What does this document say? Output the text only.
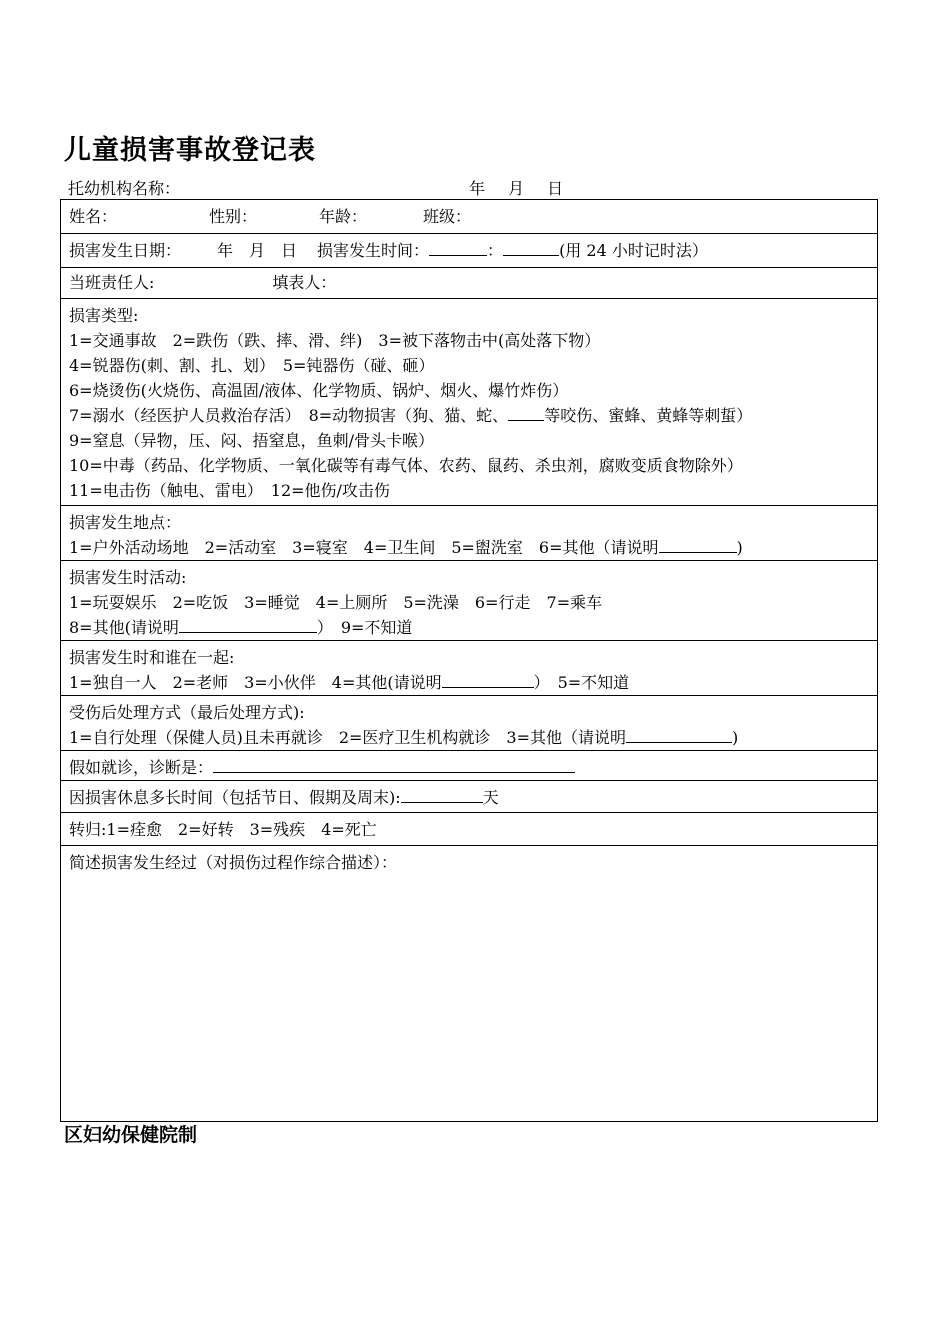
儿童损害事故登记表
托幼机构名称：	年 月 日
姓名：	性别：	年龄：	班级：
损害发生日期： 年　月　日 损害发生时间：	：	(用 24 小时记时法）
当班责任人:	填表人：
损害类型:
1=交通事故　2=跌伤（跌、摔、滑、绊)　3=被下落物击中(高处落下物）
4=锐器伤(刺、割、扎、划）　5=钝器伤（碰、砸）
6=烧烫伤(火烧伤、高温固/液体、化学物质、锅炉、烟火、爆竹炸伤）
7=溺水（经医护人员救治存活）　8=动物损害（狗、猫、蛇、 等咬伤、蜜蜂、黄蜂等刺蜇）
9=窒息（异物，压、闷、捂窒息，鱼刺/骨头卡喉）
10=中毒（药品、化学物质、一氧化碳等有毒气体、农药、鼠药、杀虫剂，腐败变质食物除外）
11=电击伤（触电、雷电）　12=他伤/攻击伤
损害发生地点：
1=户外活动场地　2=活动室　3=寝室　4=卫生间　5=盥洗室　6=其他（请说明	)
损害发生时活动:
1=玩耍娱乐　2=吃饭　3=睡觉　4=上厕所　5=洗澡　6=行走　7=乘车
8=其他(请说明	）　9=不知道
损害发生时和谁在一起:
1=独自一人　2=老师　3=小伙伴　4=其他(请说明	）　5=不知道
受伤后处理方式（最后处理方式):
1=自行处理（保健人员)且未再就诊　2=医疗卫生机构就诊　3=其他（请说明	)
假如就诊，诊断是：
因损害休息多长时间（包括节日、假期及周末):	天
转归:1=痊愈　2=好转　3=残疾　4=死亡
简述损害发生经过（对损伤过程作综合描述）：
区妇幼保健院制
